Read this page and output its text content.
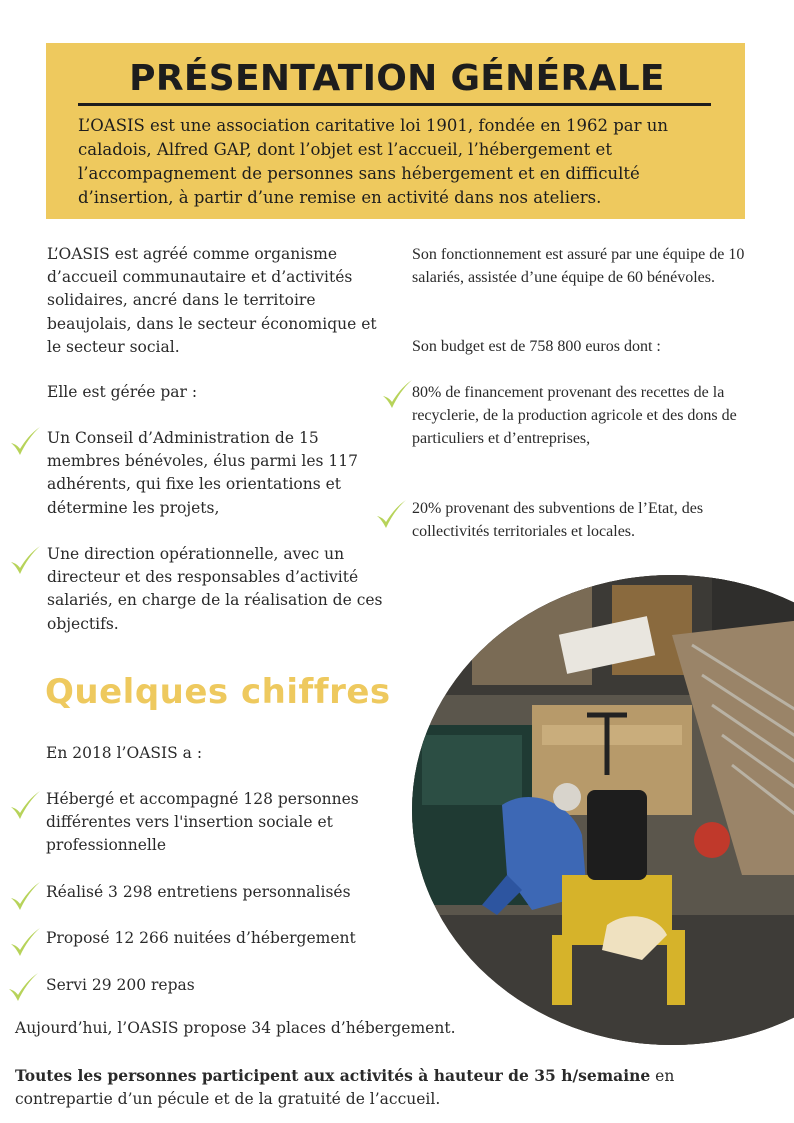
PRÉSENTATION GÉNÉRALE

L’OASIS est une association caritative loi 1901, fondée en 1962 par un caladois, Alfred GAP, dont l’objet est l’accueil, l’hébergement et l’accompagnement de personnes sans hébergement et en difficulté d’insertion, à partir d’une remise en activité dans nos ateliers.

L’OASIS est agréé comme organisme d’accueil communautaire et d’activités solidaires, ancré dans le territoire beaujolais, dans le secteur économique et le secteur social.

Elle est gérée par :

Un Conseil d’Administration de 15 membres bénévoles, élus parmi les 117 adhérents, qui fixe les orientations et détermine les projets,

Une direction opérationnelle, avec un directeur et des responsables d’activité salariés, en charge de la réalisation de ces objectifs.

Son fonctionnement est assuré par une équipe de 10 salariés, assistée d’une équipe de 60 bénévoles.

Son budget est de 758 800 euros dont :

80% de financement provenant des recettes de la recyclerie, de la production agricole et des dons de particuliers et d’entreprises,

20% provenant des subventions de l’Etat, des collectivités territoriales et locales.

Quelques chiffres

En 2018 l’OASIS a :

Hébergé et accompagné 128 personnes différentes vers l'insertion sociale et professionnelle

Réalisé 3 298 entretiens personnalisés

Proposé 12 266 nuitées d’hébergement

Servi 29 200 repas

Aujourd’hui, l’OASIS propose 34 places d’hébergement.

Toutes les personnes participent aux activités à hauteur de 35 h/semaine en contrepartie d’un pécule et de la gratuité de l’accueil.
